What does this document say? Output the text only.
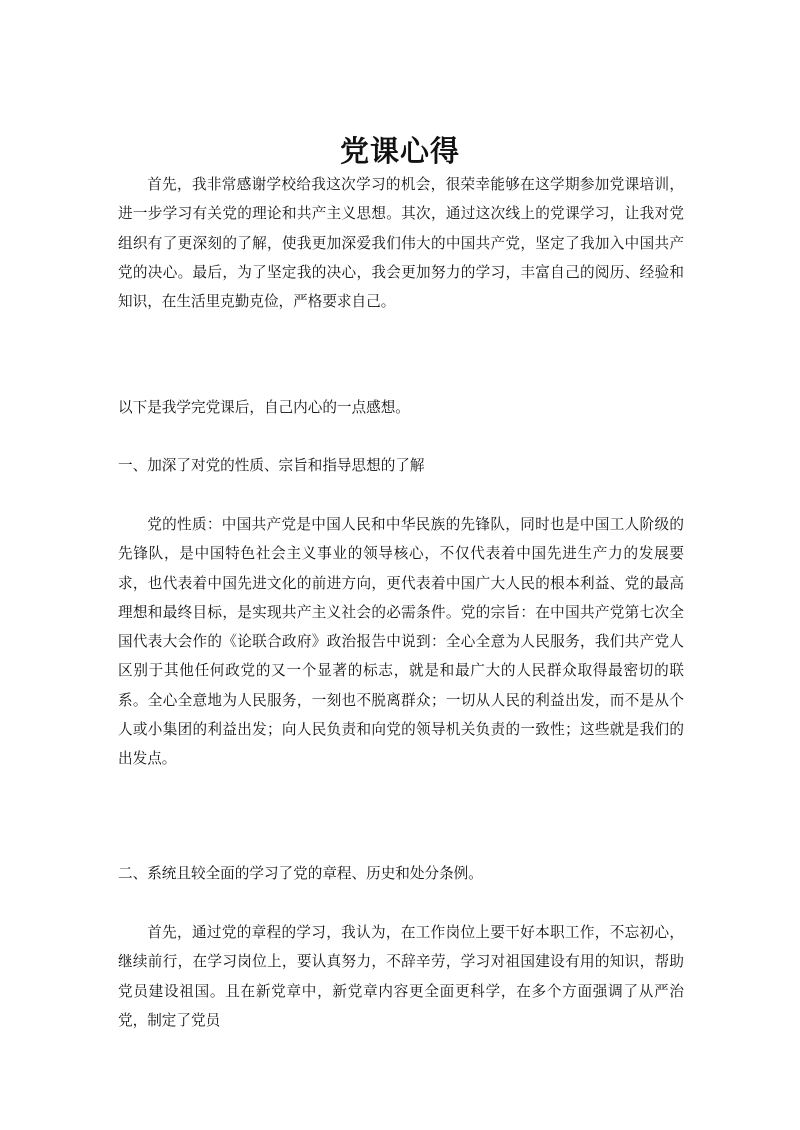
党课心得

首先，我非常感谢学校给我这次学习的机会，很荣幸能够在这学期参加党课培训，进一步学习有关党的理论和共产主义思想。其次，通过这次线上的党课学习，让我对党组织有了更深刻的了解，使我更加深爱我们伟大的中国共产党，坚定了我加入中国共产党的决心。最后，为了坚定我的决心，我会更加努力的学习，丰富自己的阅历、经验和知识，在生活里克勤克俭，严格要求自己。

以下是我学完党课后，自己内心的一点感想。

一、加深了对党的性质、宗旨和指导思想的了解

党的性质：中国共产党是中国人民和中华民族的先锋队，同时也是中国工人阶级的先锋队，是中国特色社会主义事业的领导核心，不仅代表着中国先进生产力的发展要求，也代表着中国先进文化的前进方向，更代表着中国广大人民的根本利益、党的最高理想和最终目标，是实现共产主义社会的必需条件。党的宗旨：在中国共产党第七次全国代表大会作的《论联合政府》政治报告中说到：全心全意为人民服务，我们共产党人区别于其他任何政党的又一个显著的标志，就是和最广大的人民群众取得最密切的联系。全心全意地为人民服务，一刻也不脱离群众；一切从人民的利益出发，而不是从个人或小集团的利益出发；向人民负责和向党的领导机关负责的一致性；这些就是我们的出发点。

二、系统且较全面的学习了党的章程、历史和处分条例。

首先，通过党的章程的学习，我认为，在工作岗位上要干好本职工作，不忘初心，继续前行，在学习岗位上，要认真努力，不辞辛劳，学习对祖国建设有用的知识，帮助党员建设祖国。且在新党章中，新党章内容更全面更科学，在多个方面强调了从严治党，制定了党员
